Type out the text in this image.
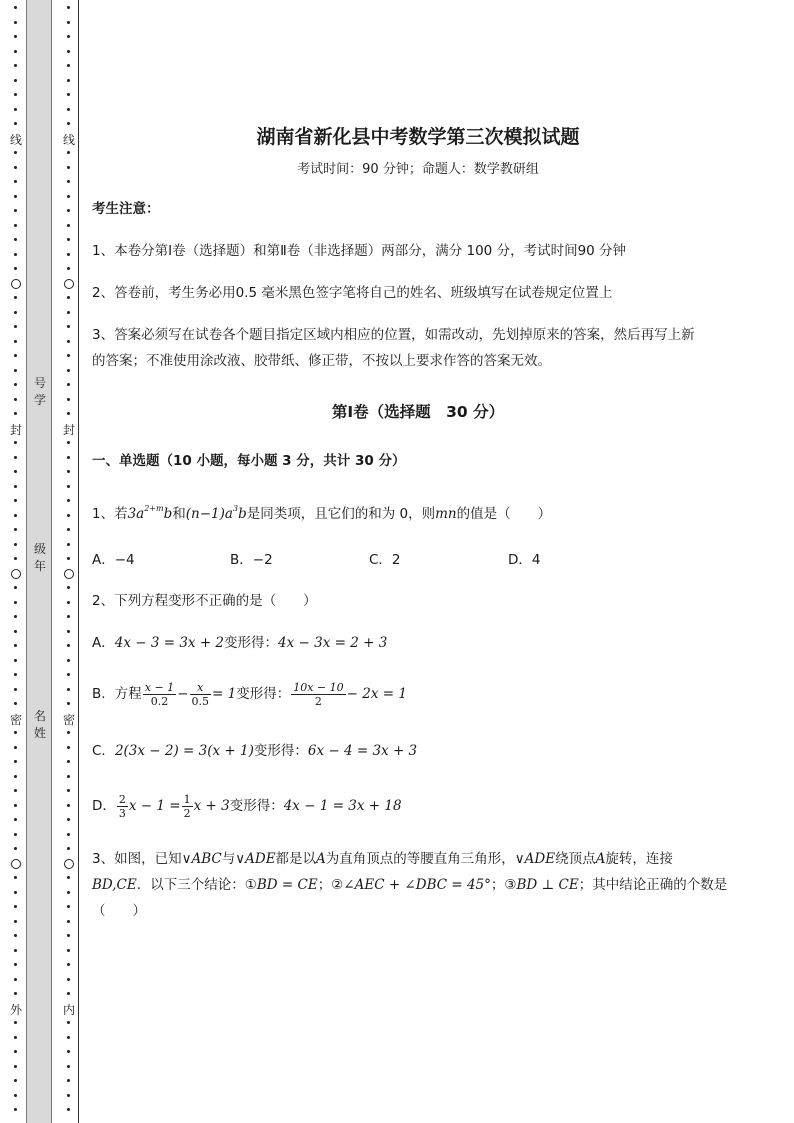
线
封
密
外
号
学
级
年
名
姓
线
封
密
内
湖南省新化县中考数学第三次模拟试题
考试时间：90 分钟；命题人：数学教研组
考生注意：
1、本卷分第Ⅰ卷（选择题）和第Ⅱ卷（非选择题）两部分，满分 100 分，考试时间90 分钟
2、答卷前，考生务必用0.5 毫米黑色签字笔将自己的姓名、班级填写在试卷规定位置上
3、答案必须写在试卷各个题目指定区域内相应的位置，如需改动，先划掉原来的答案，然后再写上新
的答案；不准使用涂改液、胶带纸、修正带，不按以上要求作答的答案无效。
第Ⅰ卷（选择题　30 分）
一、单选题（10 小题，每小题 3 分，共计 30 分）
1、若$3a^{2+m}b$和$(n-1)a^3b$是同类项，且它们的和为 0，则mn的值是（　　）
A．−4	B．−2	C．2	D．4
2、下列方程变形不正确的是（　　）
A．4x − 3 = 3x + 2变形得：4x − 3x = 2 + 3
B．方程 $\frac{x - 1}{0.2} - \frac{x}{0.5} = 1$变形得： $\frac{10x - 10}{2} - 2x = 1$
C．2(3x − 2) = 3(x + 1)变形得：6x − 4 = 3x + 3
D． $\frac{2}{3}$ $x - 1 = \frac{1}{2}$ x + 3变形得：4x − 1 = 3x + 18
3、如图，已知∨ABC与∨ADE都是以A为直角顶点的等腰直角三角形，∨ADE绕顶点A旋转，连接
BD,CE．以下三个结论：①BD = CE；②∠AEC + ∠DBC = 45°；③BD ⊥ CE；其中结论正确的个数是
（　　）
